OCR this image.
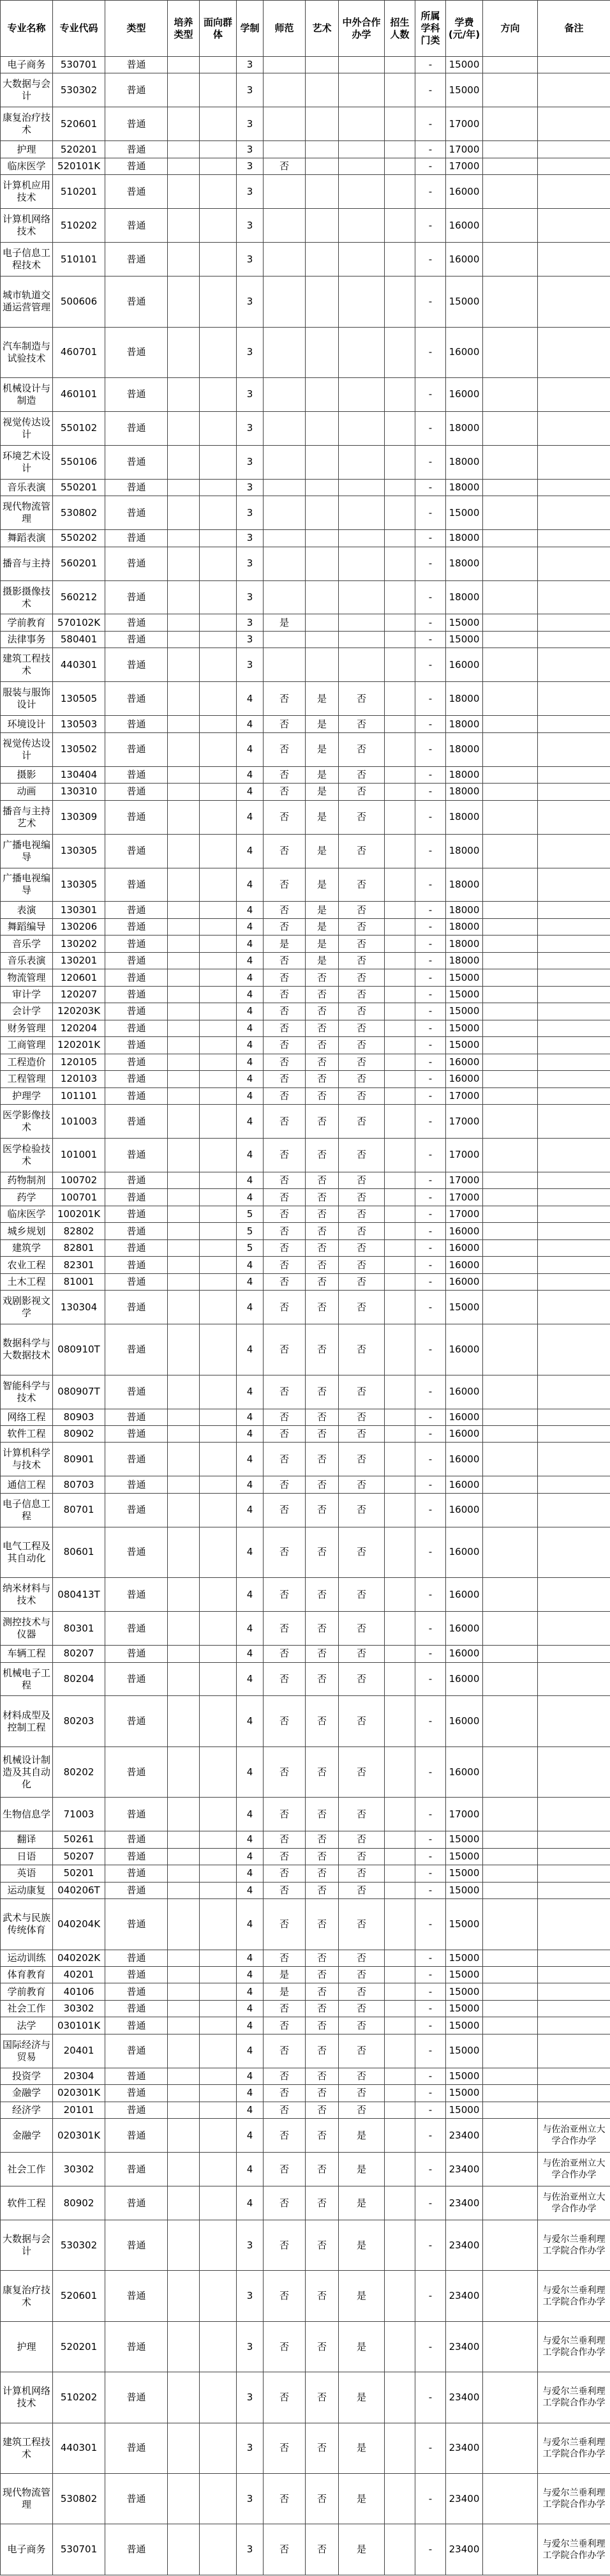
专业名称	专业代码	类型	培养类型	面向群体	学制	师范	艺术	中外合作办学	招生人数	所属学科门类	学费(元/年)	方向	备注
电子商务	530701	普通			3					-	15000		
大数据与会计	530302	普通			3					-	15000		
康复治疗技术	520601	普通			3					-	17000		
护理	520201	普通			3					-	17000		
临床医学	520101K	普通			3	否				-	17000		
计算机应用技术	510201	普通			3					-	16000		
计算机网络技术	510202	普通			3					-	16000		
电子信息工程技术	510101	普通			3					-	16000		
城市轨道交通运营管理	500606	普通			3					-	15000		
汽车制造与试验技术	460701	普通			3					-	16000		
机械设计与制造	460101	普通			3					-	16000		
视觉传达设计	550102	普通			3					-	18000		
环境艺术设计	550106	普通			3					-	18000		
音乐表演	550201	普通			3					-	18000		
现代物流管理	530802	普通			3					-	15000		
舞蹈表演	550202	普通			3					-	18000		
播音与主持	560201	普通			3					-	18000		
摄影摄像技术	560212	普通			3					-	18000		
学前教育	570102K	普通			3	是				-	15000		
法律事务	580401	普通			3					-	15000		
建筑工程技术	440301	普通			3					-	16000		
服装与服饰设计	130505	普通			4	否	是	否		-	18000		
环境设计	130503	普通			4	否	是	否		-	18000		
视觉传达设计	130502	普通			4	否	是	否		-	18000		
摄影	130404	普通			4	否	是	否		-	18000		
动画	130310	普通			4	否	是	否		-	18000		
播音与主持艺术	130309	普通			4	否	是	否		-	18000		
广播电视编导	130305	普通			4	否	是	否		-	18000		
广播电视编导	130305	普通			4	否	是	否		-	18000		
表演	130301	普通			4	否	是	否		-	18000		
舞蹈编导	130206	普通			4	否	是	否		-	18000		
音乐学	130202	普通			4	是	是	否		-	18000		
音乐表演	130201	普通			4	否	是	否		-	18000		
物流管理	120601	普通			4	否	否	否		-	15000		
审计学	120207	普通			4	否	否	否		-	15000		
会计学	120203K	普通			4	否	否	否		-	15000		
财务管理	120204	普通			4	否	否	否		-	15000		
工商管理	120201K	普通			4	否	否	否		-	15000		
工程造价	120105	普通			4	否	否	否		-	16000		
工程管理	120103	普通			4	否	否	否		-	16000		
护理学	101101	普通			4	否	否	否		-	17000		
医学影像技术	101003	普通			4	否	否	否		-	17000		
医学检验技术	101001	普通			4	否	否	否		-	17000		
药物制剂	100702	普通			4	否	否	否		-	17000		
药学	100701	普通			4	否	否	否		-	17000		
临床医学	100201K	普通			5	否	否	否		-	17000		
城乡规划	82802	普通			5	否	否	否		-	16000		
建筑学	82801	普通			5	否	否	否		-	16000		
农业工程	82301	普通			4	否	否	否		-	16000		
土木工程	81001	普通			4	否	否	否		-	16000		
戏剧影视文学	130304	普通			4	否	否	否		-	15000		
数据科学与大数据技术	080910T	普通			4	否	否	否		-	16000		
智能科学与技术	080907T	普通			4	否	否	否		-	16000		
网络工程	80903	普通			4	否	否	否		-	16000		
软件工程	80902	普通			4	否	否	否		-	16000		
计算机科学与技术	80901	普通			4	否	否	否		-	16000		
通信工程	80703	普通			4	否	否	否		-	16000		
电子信息工程	80701	普通			4	否	否	否		-	16000		
电气工程及其自动化	80601	普通			4	否	否	否		-	16000		
纳米材料与技术	080413T	普通			4	否	否	否		-	16000		
测控技术与仪器	80301	普通			4	否	否	否		-	16000		
车辆工程	80207	普通			4	否	否	否		-	16000		
机械电子工程	80204	普通			4	否	否	否		-	16000		
材料成型及控制工程	80203	普通			4	否	否	否		-	16000		
机械设计制造及其自动化	80202	普通			4	否	否	否		-	16000		
生物信息学	71003	普通			4	否	否	否		-	17000		
翻译	50261	普通			4	否	否	否		-	15000		
日语	50207	普通			4	否	否	否		-	15000		
英语	50201	普通			4	否	否	否		-	15000		
运动康复	040206T	普通			4	否	否	否		-	15000		
武术与民族传统体育	040204K	普通			4	否	否	否		-	15000		
运动训练	040202K	普通			4	否	否	否		-	15000		
体育教育	40201	普通			4	是	否	否		-	15000		
学前教育	40106	普通			4	是	否	否		-	15000		
社会工作	30302	普通			4	否	否	否		-	15000		
法学	030101K	普通			4	否	否	否		-	15000		
国际经济与贸易	20401	普通			4	否	否	否		-	15000		
投资学	20304	普通			4	否	否	否		-	15000		
金融学	020301K	普通			4	否	否	否		-	15000		
经济学	20101	普通			4	否	否	否		-	15000		
金融学	020301K	普通			4	否	否	是		-	23400		与佐治亚州立大学合作办学
社会工作	30302	普通			4	否	否	是		-	23400		与佐治亚州立大学合作办学
软件工程	80902	普通			4	否	否	是		-	23400		与佐治亚州立大学合作办学
大数据与会计	530302	普通			3	否	否	是		-	23400		与爱尔兰垂利理工学院合作办学
康复治疗技术	520601	普通			3	否	否	是		-	23400		与爱尔兰垂利理工学院合作办学
护理	520201	普通			3	否	否	是		-	23400		与爱尔兰垂利理工学院合作办学
计算机网络技术	510202	普通			3	否	否	是		-	23400		与爱尔兰垂利理工学院合作办学
建筑工程技术	440301	普通			3	否	否	是		-	23400		与爱尔兰垂利理工学院合作办学
现代物流管理	530802	普通			3	否	否	是		-	23400		与爱尔兰垂利理工学院合作办学
电子商务	530701	普通			3	否	否	是		-	23400		与爱尔兰垂利理工学院合作办学
